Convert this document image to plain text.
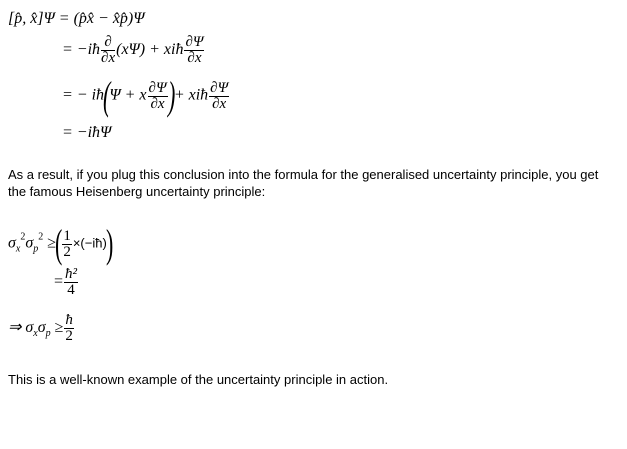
[p̂, x̂]Ψ = (p̂x̂ − x̂p̂)Ψ
= −iħ $\frac{\partial}{\partial x} (x\Psi)$ + xiħ $\frac{\partial\Psi}{\partial x}$
= − iħ(Ψ + x $\frac{\partial\Psi}{\partial x}$ )+ xiħ $\frac{\partial\Psi}{\partial x}$
= −iħΨ
As a result, if you plug this conclusion into the formula for the generalised uncertainty principle, you get the famous Heisenberg uncertainty principle:
$\sigma_x^2\sigma_p^2$ ≥( $\frac{1}{2}$ ×(−iħ))
= $\frac{\text{ħ²}}{4}$
⇒ $\sigma_x\sigma_p \ge \frac{ħ}{2}$
This is a well-known example of the uncertainty principle in action.
